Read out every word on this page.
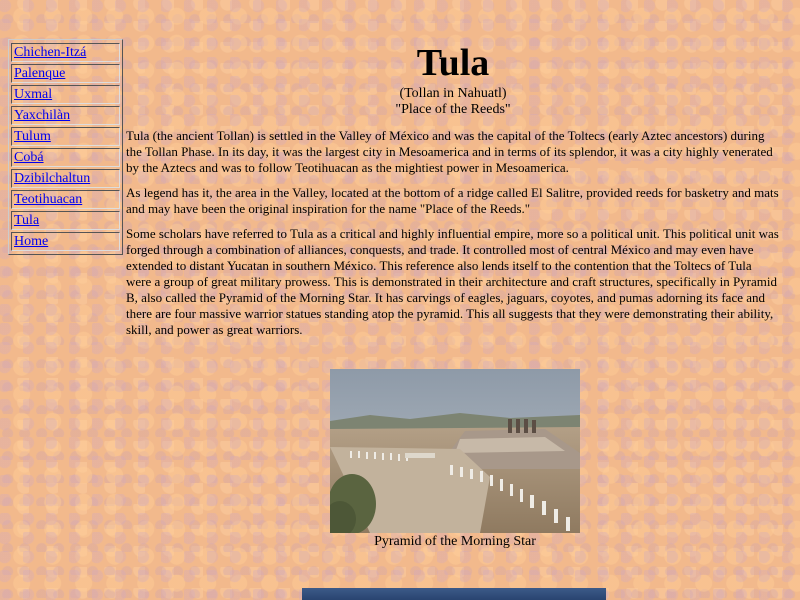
Chichen-Itzá
Palenque
Uxmal
Yaxchilàn
Tulum
Cobá
Dzibilchaltun
Teotihuacan
Tula
Home
Tula

(Tollan in Nahuatl)

"Place of the Reeds"

Tula (the ancient Tollan) is settled in the Valley of México and was the capital of the Toltecs (early Aztec ancestors) during the Tollan Phase. In its day, it was the largest city in Mesoamerica and in terms of its splendor, it was a city highly venerated by the Aztecs and was to follow Teotihuacan as the mightiest power in Mesoamerica.

As legend has it, the area in the Valley, located at the bottom of a ridge called El Salitre, provided reeds for basketry and mats and may have been the original inspiration for the name "Place of the Reeds."

Some scholars have referred to Tula as a critical and highly influential empire, more so a political unit. This political unit was forged through a combination of alliances, conquests, and trade. It controlled most of central México and may even have extended to distant Yucatan in southern México. This reference also lends itself to the contention that the Toltecs of Tula were a group of great military prowess. This is demonstrated in their architecture and craft structures, specifically in Pyramid B, also called the Pyramid of the Morning Star. It has carvings of eagles, jaguars, coyotes, and pumas adorning its face and there are four massive warrior statues standing atop the pyramid. This all suggests that they were demonstrating their ability, skill, and power as great warriors.

Pyramid of the Morning Star
